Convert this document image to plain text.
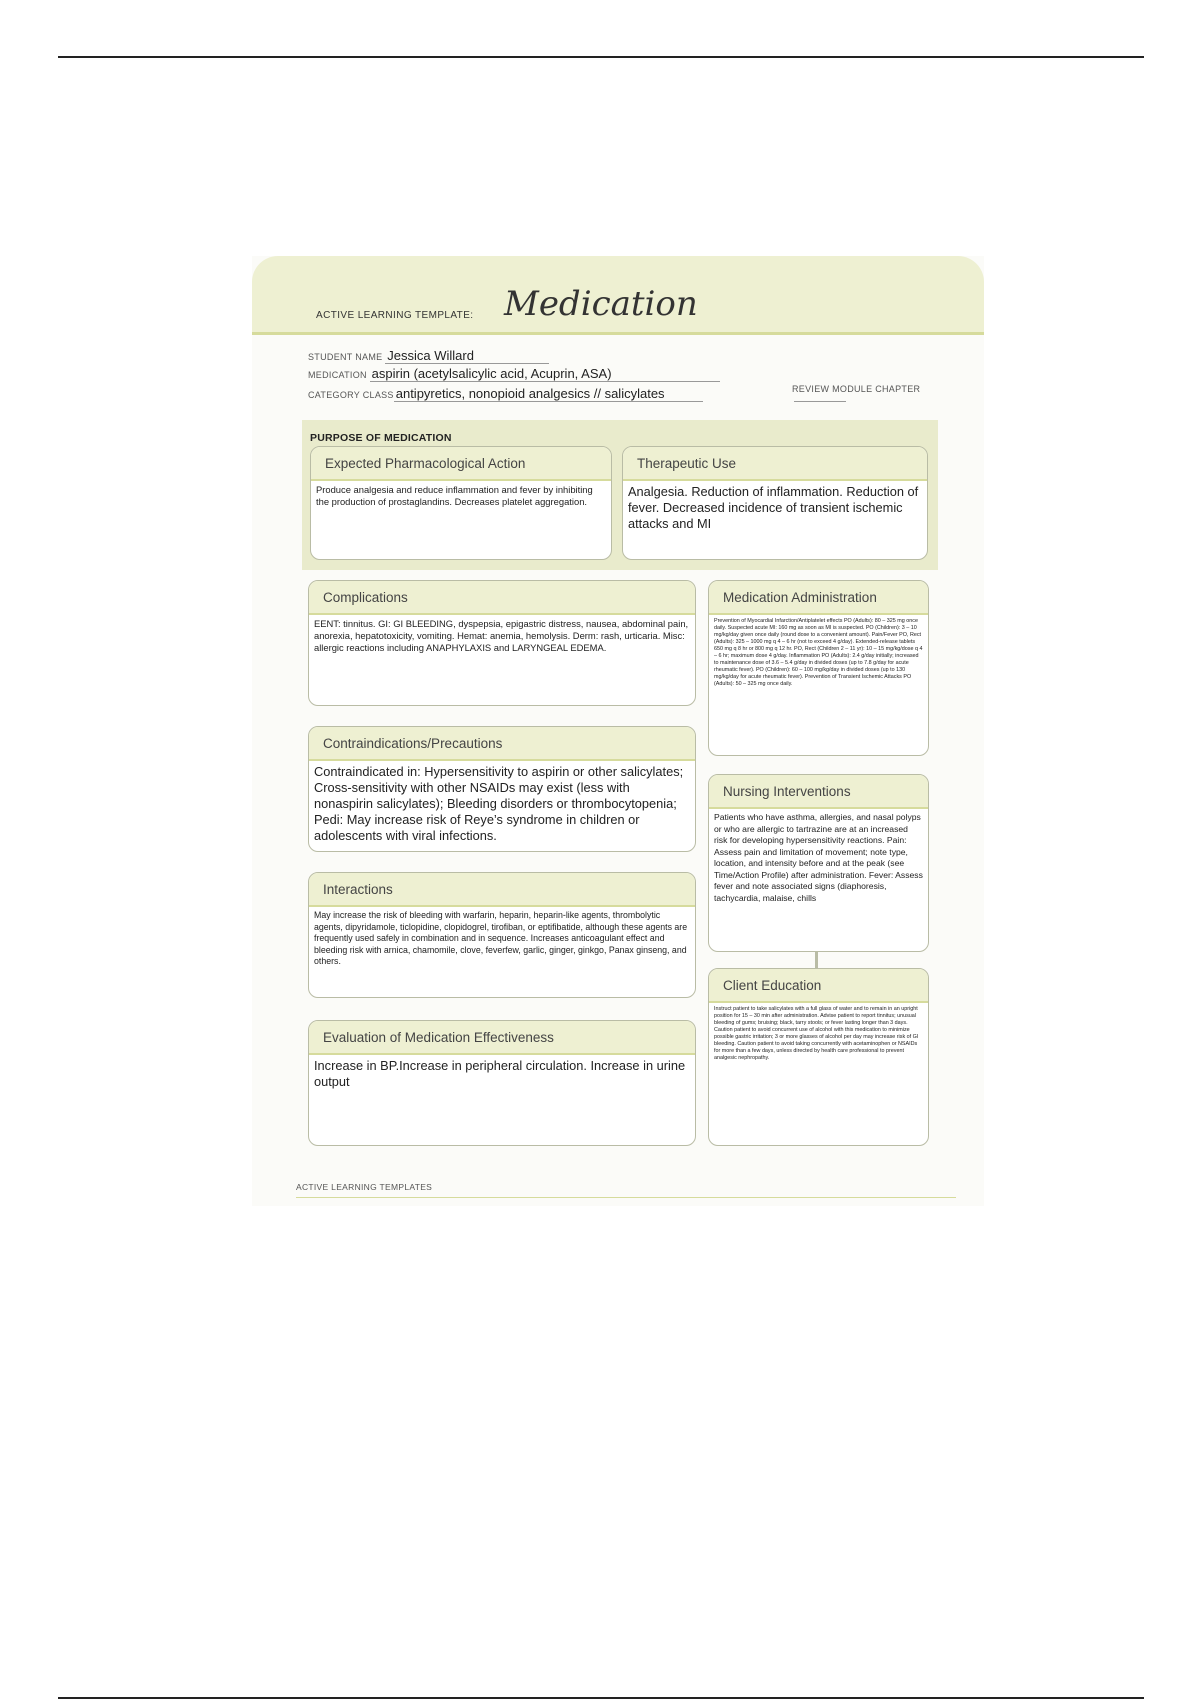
ACTIVE LEARNING TEMPLATE: Medication
STUDENT NAME Jessica Willard
MEDICATION aspirin (acetylsalicylic acid, Acuprin, ASA)
REVIEW MODULE CHAPTER
CATEGORY CLASS antipyretics, nonopioid analgesics // salicylates
PURPOSE OF MEDICATION
Expected Pharmacological Action
Produce analgesia and reduce inflammation and fever by inhibiting the production of prostaglandins. Decreases platelet aggregation.
Therapeutic Use
Analgesia. Reduction of inflammation. Reduction of fever. Decreased incidence of transient ischemic attacks and MI
Complications
EENT: tinnitus. GI: GI BLEEDING, dyspepsia, epigastric distress, nausea, abdominal pain, anorexia, hepatotoxicity, vomiting. Hemat: anemia, hemolysis. Derm: rash, urticaria. Misc: allergic reactions including ANAPHYLAXIS and LARYNGEAL EDEMA.
Medication Administration
Prevention of Myocardial Infarction/Antiplatelet effects PO (Adults): 80 – 325 mg once daily. Suspected acute MI: 160 mg as soon as MI is suspected. PO (Children): 3 – 10 mg/kg/day given once daily (round dose to a convenient amount). Pain/Fever PO, Rect (Adults): 325 – 1000 mg q 4 – 6 hr (not to exceed 4 g/day). Extended-release tablets 650 mg q 8 hr or 800 mg q 12 hr. PO, Rect (Children 2 – 11 yr): 10 – 15 mg/kg/dose q 4 – 6 hr; maximum dose 4 g/day. Inflammation PO (Adults): 2.4 g/day initially; increased to maintenance dose of 3.6 – 5.4 g/day in divided doses (up to 7.8 g/day for acute rheumatic fever). PO (Children): 60 – 100 mg/kg/day in divided doses (up to 130 mg/kg/day for acute rheumatic fever). Prevention of Transient Ischemic Attacks PO (Adults): 50 – 325 mg once daily.
Contraindications/Precautions
Contraindicated in: Hypersensitivity to aspirin or other salicylates; Cross-sensitivity with other NSAIDs may exist (less with nonaspirin salicylates); Bleeding disorders or thrombocytopenia; Pedi: May increase risk of Reye’s syndrome in children or adolescents with viral infections.
Nursing Interventions
Patients who have asthma, allergies, and nasal polyps or who are allergic to tartrazine are at an increased risk for developing hypersensitivity reactions. Pain: Assess pain and limitation of movement; note type, location, and intensity before and at the peak (see Time/Action Profile) after administration. Fever: Assess fever and note associated signs (diaphoresis, tachycardia, malaise, chills
Interactions
May increase the risk of bleeding with warfarin, heparin, heparin-like agents, thrombolytic agents, dipyridamole, ticlopidine, clopidogrel, tirofiban, or eptifibatide, although these agents are frequently used safely in combination and in sequence. Increases anticoagulant effect and bleeding risk with arnica, chamomile, clove, feverfew, garlic, ginger, ginkgo, Panax ginseng, and others.
Client Education
Instruct patient to take salicylates with a full glass of water and to remain in an upright position for 15 – 30 min after administration. Advise patient to report tinnitus; unusual bleeding of gums; bruising; black, tarry stools; or fever lasting longer than 3 days. Caution patient to avoid concurrent use of alcohol with this medication to minimize possible gastric irritation; 3 or more glasses of alcohol per day may increase risk of GI bleeding. Caution patient to avoid taking concurrently with acetaminophen or NSAIDs for more than a few days, unless directed by health care professional to prevent analgesic nephropathy.
Evaluation of Medication Effectiveness
Increase in BP.Increase in peripheral circulation. Increase in urine output
ACTIVE LEARNING TEMPLATES
